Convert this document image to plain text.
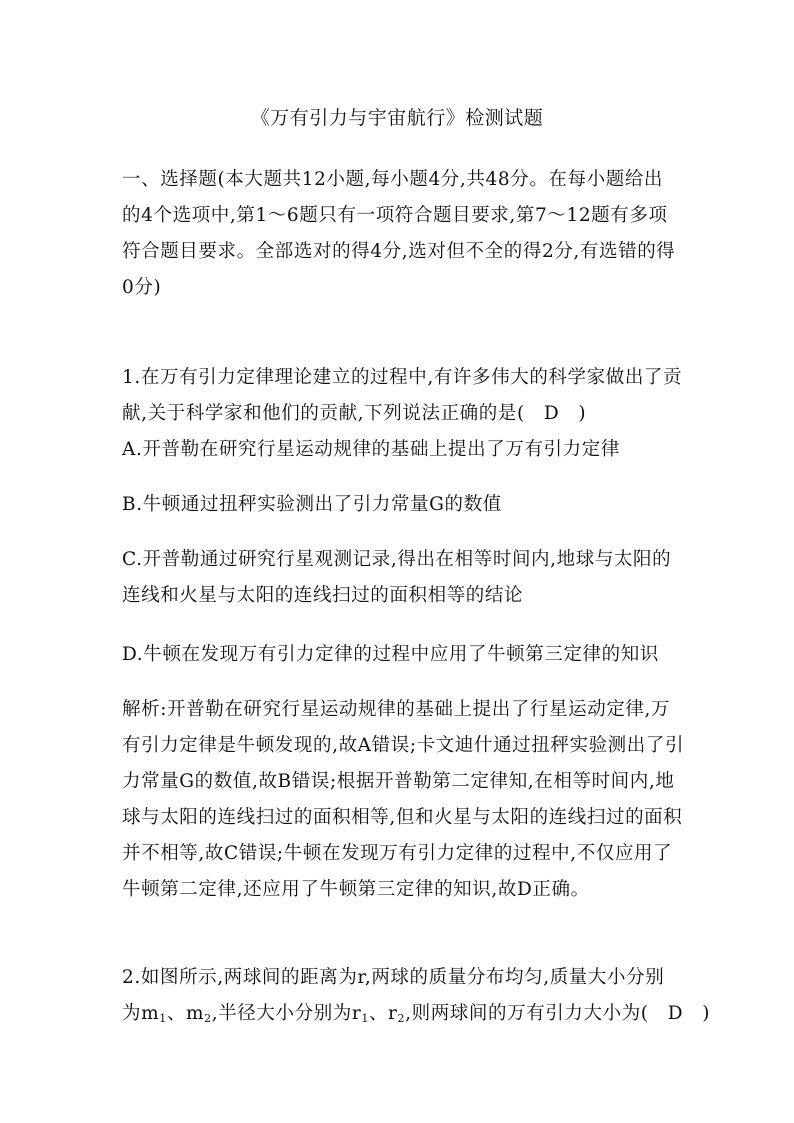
《万有引力与宇宙航行》检测试题
一、选择题(本大题共12小题,每小题4分,共48分。在每小题给出
的4个选项中,第1～6题只有一项符合题目要求,第7～12题有多项
符合题目要求。全部选对的得4分,选对但不全的得2分,有选错的得
0分)
1.在万有引力定律理论建立的过程中,有许多伟大的科学家做出了贡
献,关于科学家和他们的贡献,下列说法正确的是(　D　)
A.开普勒在研究行星运动规律的基础上提出了万有引力定律
B.牛顿通过扭秤实验测出了引力常量G的数值
C.开普勒通过研究行星观测记录,得出在相等时间内,地球与太阳的
连线和火星与太阳的连线扫过的面积相等的结论
D.牛顿在发现万有引力定律的过程中应用了牛顿第三定律的知识
解析:开普勒在研究行星运动规律的基础上提出了行星运动定律,万
有引力定律是牛顿发现的,故A错误;卡文迪什通过扭秤实验测出了引
力常量G的数值,故B错误;根据开普勒第二定律知,在相等时间内,地
球与太阳的连线扫过的面积相等,但和火星与太阳的连线扫过的面积
并不相等,故C错误;牛顿在发现万有引力定律的过程中,不仅应用了
牛顿第二定律,还应用了牛顿第三定律的知识,故D正确。
2.如图所示,两球间的距离为r,两球的质量分布均匀,质量大小分别
为$m_1$、$m_2$,半径大小分别为$r_1$、$r_2$,则两球间的万有引力大小为(　D　)
